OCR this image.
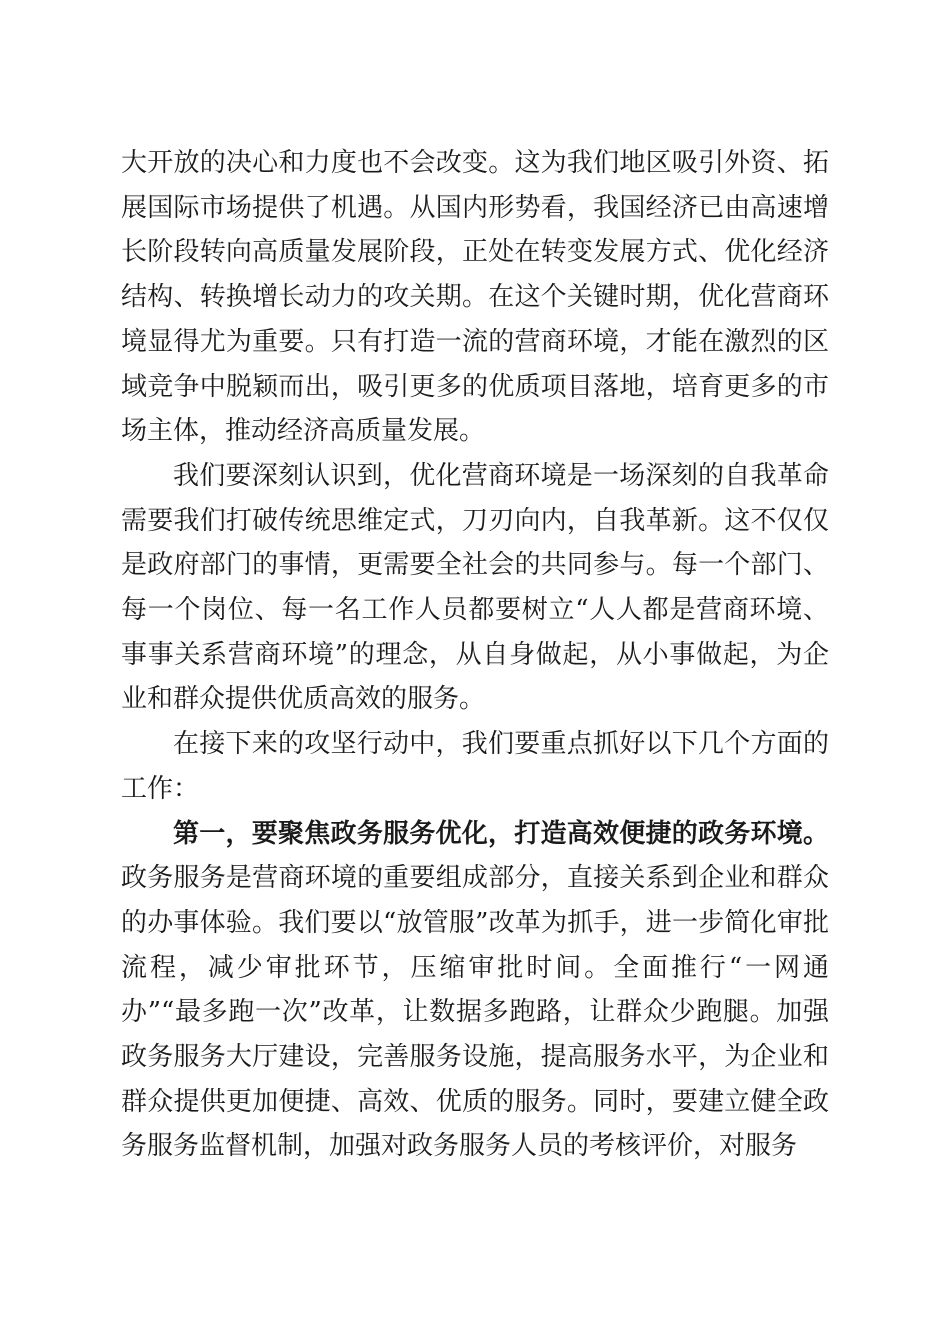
大开放的决心和力度也不会改变。这为我们地区吸引外资、拓展国际市场提供了机遇。从国内形势看，我国经济已由高速增长阶段转向高质量发展阶段，正处在转变发展方式、优化经济结构、转换增长动力的攻关期。在这个关键时期，优化营商环境显得尤为重要。只有打造一流的营商环境，才能在激烈的区域竞争中脱颖而出，吸引更多的优质项目落地，培育更多的市场主体，推动经济高质量发展。

我们要深刻认识到，优化营商环境是一场深刻的自我革命需要我们打破传统思维定式，刀刃向内，自我革新。这不仅仅是政府部门的事情，更需要全社会的共同参与。每一个部门、每一个岗位、每一名工作人员都要树立“人人都是营商环境、事事关系营商环境”的理念，从自身做起，从小事做起，为企业和群众提供优质高效的服务。

在接下来的攻坚行动中，我们要重点抓好以下几个方面的工作：

第一，要聚焦政务服务优化，打造高效便捷的政务环境。政务服务是营商环境的重要组成部分，直接关系到企业和群众的办事体验。我们要以“放管服”改革为抓手，进一步简化审批流程，减少审批环节，压缩审批时间。全面推行“一网通办”“最多跑一次”改革，让数据多跑路，让群众少跑腿。加强政务服务大厅建设，完善服务设施，提高服务水平，为企业和群众提供更加便捷、高效、优质的服务。同时，要建立健全政务服务监督机制，加强对政务服务人员的考核评价，对服务
